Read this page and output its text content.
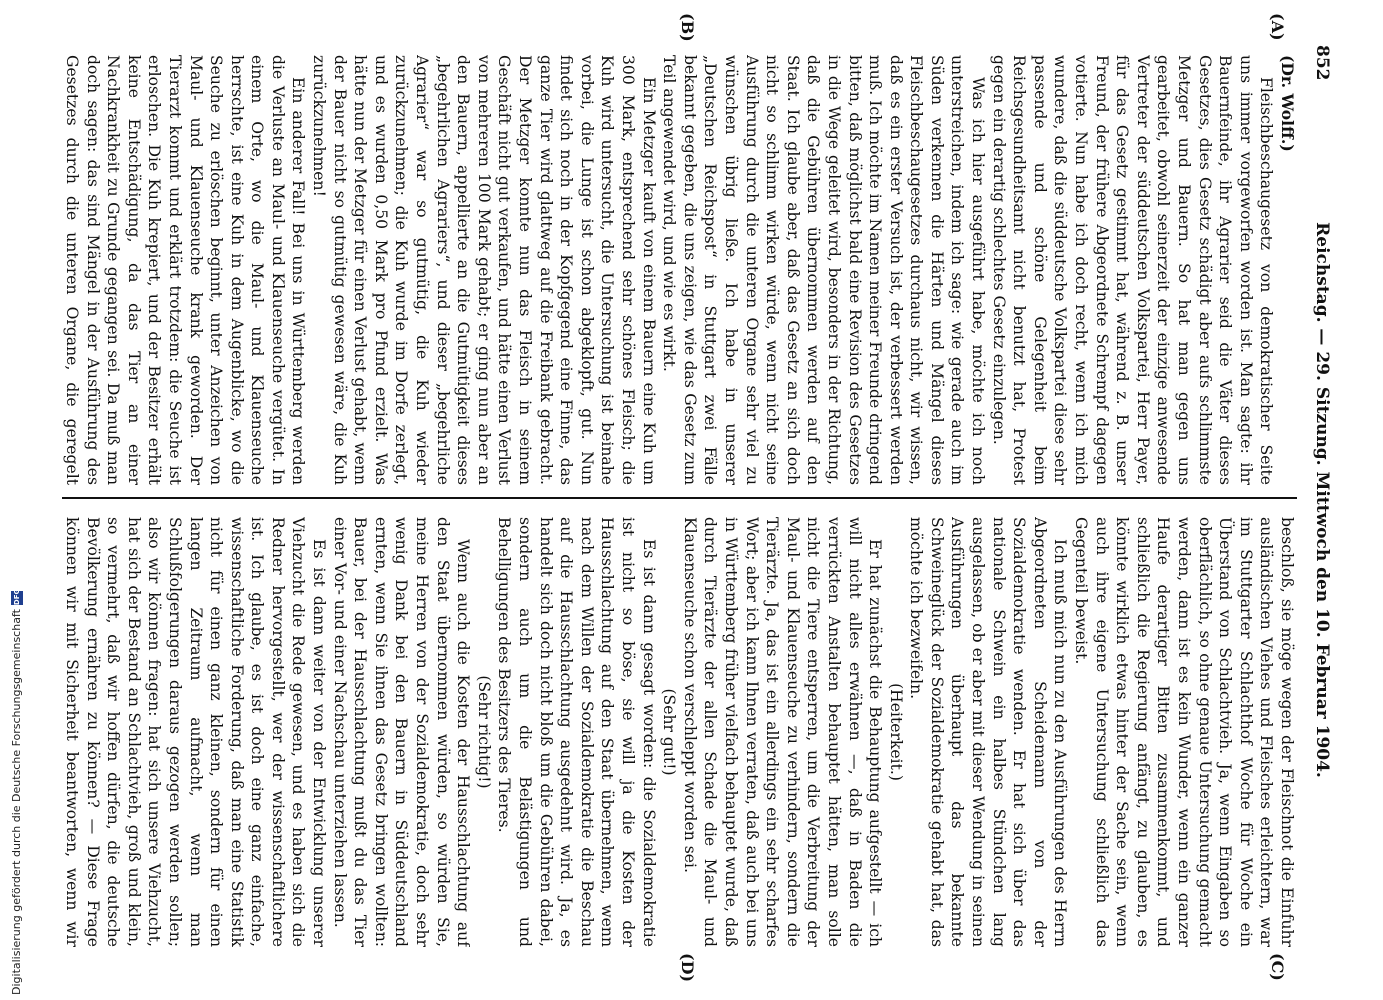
852
Reichstag. — 29. Sitzung. Mittwoch den 10. Februar 1904.
(A)
(B)
(C)
(D)

(Dr. Wolff.)

Fleischbeschaugesetz von demokratischer Seite uns immer vorgeworfen worden ist. Man sagte: ihr Bauernfeinde, ihr Agrarier seid die Väter dieses Gesetzes, dies Gesetz schädigt aber aufs schlimmste Metzger und Bauern. So hat man gegen uns gearbeitet, obwohl seinerzeit der einzige anwesende Vertreter der süddeutschen Volkspartei, Herr Payer, für das Gesetz gestimmt hat, während z. B. unser Freund, der frühere Abgeordnete Schrempf dagegen votierte. Nun habe ich doch recht, wenn ich mich wundere, daß die süddeutsche Volkspartei diese sehr passende und schöne Gelegenheit beim Reichsgesundheitsamt nicht benutzt hat, Protest gegen ein derartig schlechtes Gesetz einzulegen.

Was ich hier ausgeführt habe, möchte ich noch unterstreichen, indem ich sage: wie gerade auch im Süden verkennen die Härten und Mängel dieses Fleischbeschaugesetzes durchaus nicht, wir wissen, daß es ein erster Versuch ist, der verbessert werden muß. Ich möchte im Namen meiner Freunde dringend bitten, daß möglichst bald eine Revision des Gesetzes in die Wege geleitet wird, besonders in der Richtung, daß die Gebühren übernommen werden auf den Staat. Ich glaube aber, daß das Gesetz an sich doch nicht so schlimm wirken würde, wenn nicht seine Ausführung durch die unteren Organe sehr viel zu wünschen übrig ließe. Ich habe in unserer „Deutschen Reichspost“ in Stuttgart zwei Fälle bekannt gegeben, die uns zeigen, wie das Gesetz zum Teil angewendet wird, und wie es wirkt.

Ein Metzger kauft von einem Bauern eine Kuh um 300 Mark, entsprechend sehr schönes Fleisch; die Kuh wird untersucht, die Untersuchung ist beinahe vorbei, die Lunge ist schon abgeklopft, gut. Nun findet sich noch in der Kopfgegend eine Finne, das ganze Tier wird glattweg auf die Freibank gebracht. Der Metzger konnte nun das Fleisch in seinem Geschäft nicht gut verkaufen, und hätte einen Verlust von mehreren 100 Mark gehabt; er ging nun aber an den Bauern, appellierte an die Gutmütigkeit dieses „begehrlichen Agrariers“, und dieser „begehrliche Agrarier“ war so gutmütig, die Kuh wieder zurückzunehmen; die Kuh wurde im Dorfe zerlegt, und es wurden 0,50 Mark pro Pfund erzielt. Was hätte nun der Metzger für einen Verlust gehabt, wenn der Bauer nicht so gutmütig gewesen wäre, die Kuh zurückzunehmen!

Ein anderer Fall! Bei uns in Württemberg werden die Verluste an Maul- und Klauenseuche vergütet. In einem Orte, wo die Maul- und Klauenseuche herrschte, ist eine Kuh in dem Augenblicke, wo die Seuche zu erlöschen beginnt, unter Anzeichen von Maul- und Klauenseuche krank geworden. Der Tierarzt kommt und erklärt trotzdem: die Seuche ist erloschen. Die Kuh krepiert, und der Besitzer erhält keine Entschädigung, da das Tier an einer Nachkrankheit zu Grunde gegangen sei. Da muß man doch sagen: das sind Mängel in der Ausführung des Gesetzes durch die unteren Organe, die geregelt

beschloß, sie möge wegen der Fleischnot die Einfuhr ausländischen Viehes und Fleisches erleichtern, war im Stuttgarter Schlachthof Woche für Woche ein Überstand von Schlachtvieh. Ja, wenn Eingaben so oberflächlich, so ohne genaue Untersuchung gemacht werden, dann ist es kein Wunder, wenn ein ganzer Haufe derartiger Bitten zusammenkommt, und schließlich die Regierung anfängt, zu glauben, es könnte wirklich etwas hinter der Sache sein, wenn auch ihre eigene Untersuchung schließlich das Gegenteil beweist.

Ich muß mich nun zu den Ausführungen des Herrn Abgeordneten Scheidemann von der Sozialdemokratie wenden. Er hat sich über das nationale Schwein ein halbes Stündchen lang ausgelassen, ob er aber mit dieser Wendung in seinen Ausführungen überhaupt das bekannte Schweineglück der Sozialdemokratie gehabt hat, das möchte ich bezweifeln.

(Heiterkeit.)

Er hat zunächst die Behauptung aufgestellt — ich will nicht alles erwähnen —, daß in Baden die verrückten Anstalten behauptet hätten, man solle nicht die Tiere entsperren, um die Verbreitung der Maul- und Klauenseuche zu verhindern, sondern die Tierärzte. Ja, das ist ein allerdings ein sehr scharfes Wort; aber ich kann Ihnen verraten, daß auch bei uns in Württemberg früher vielfach behauptet wurde, daß durch Tierärzte der allen Schade die Maul- und Klauenseuche schon verschleppt worden sei.

(Sehr gut!)

Es ist dann gesagt worden: die Sozialdemokratie ist nicht so böse, sie will ja die Kosten der Hausschlachtung auf den Staat übernehmen, wenn nach dem Willen der Sozialdemokratie die Beschau auf die Hausschlachtung ausgedehnt wird. Ja, es handelt sich doch nicht bloß um die Gebühren dabei, sondern auch um die Belästigungen und Behelligungen des Besitzers des Tieres.

(Sehr richtig!)

Wenn auch die Kosten der Hausschlachtung auf den Staat übernommen würden, so würden Sie, meine Herren von der Sozialdemokratie, doch sehr wenig Dank bei den Bauern in Süddeutschland ernten, wenn Sie ihnen das Gesetz bringen wollten: Bauer, bei der Hausschlachtung mußt du das Tier einer Vor- und einer Nachschau unterziehen lassen.

Es ist dann weiter von der Entwicklung unserer Viehzucht die Rede gewesen, und es haben sich die Redner hervorgestellt, wer der wissenschaftlichere ist. Ich glaube, es ist doch eine ganz einfache, wissenschaftliche Forderung, daß man eine Statistik nicht für einen ganz kleinen, sondern für einen langen Zeitraum aufmacht, wenn man Schlußfolgerungen daraus gezogen werden sollen; also wir können fragen: hat sich unsere Viehzucht, hat sich der Bestand an Schlachtvieh, groß und klein, so vermehrt, daß wir hoffen dürfen, die deutsche Bevölkerung ernähren zu können? — Diese Frage können wir mit Sicherheit beantworten, wenn wir

Digitalisierung gefördert durch die Deutsche Forschungsgemeinschaft
DFG
